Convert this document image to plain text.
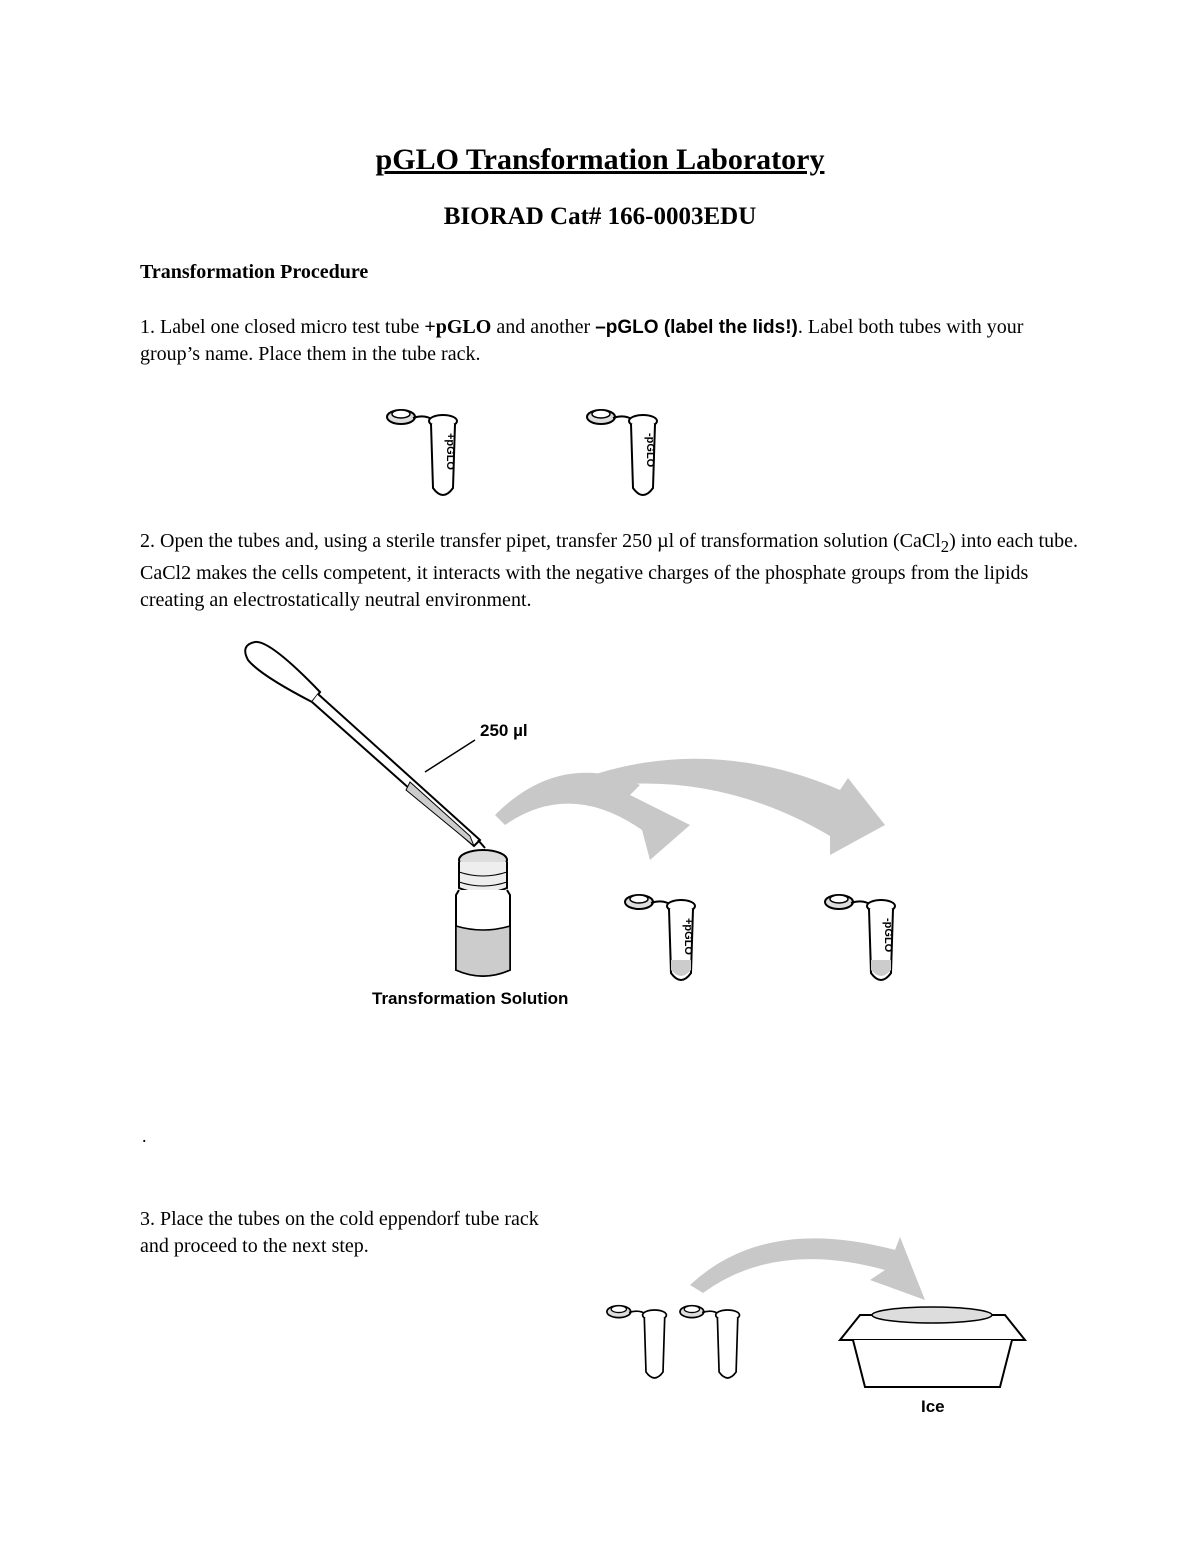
pGLO Transformation Laboratory
BIORAD Cat# 166-0003EDU
Transformation Procedure
1. Label one closed micro test tube +pGLO and another –pGLO (label the lids!). Label both tubes with your group’s name. Place them in the tube rack.
+pGLO	-pGLO
2. Open the tubes and, using a sterile transfer pipet, transfer 250 µl of transformation solution (CaCl$_2$) into each tube. CaCl2 makes the cells competent, it interacts with the negative charges of the phosphate groups from the lipids creating an electrostatically neutral environment.
250 µl
Transformation Solution
+pGLO	-pGLO
.
3. Place the tubes on the cold eppendorf tube rack and proceed to the next step.
Ice
